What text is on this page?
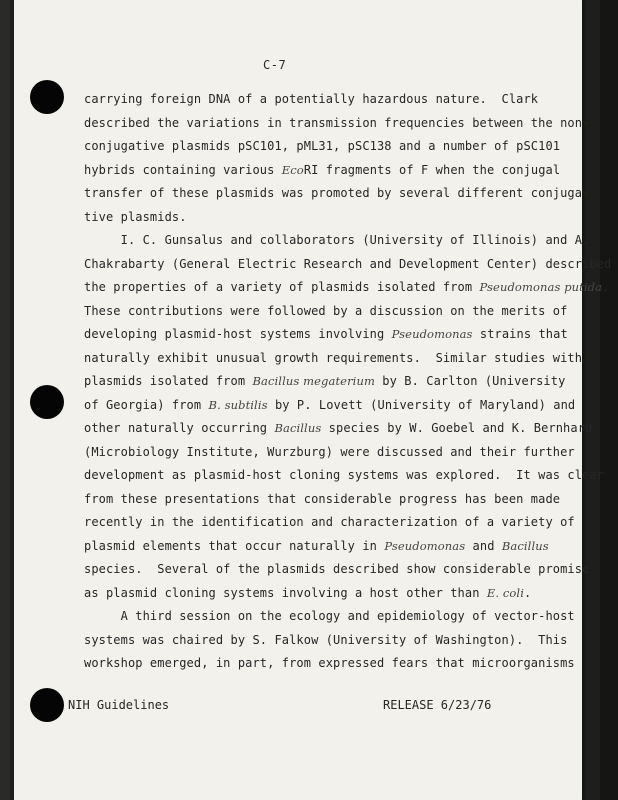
C-7
carrying foreign DNA of a potentially hazardous nature.  Clark
described the variations in transmission frequencies between the non-
conjugative plasmids pSC101, pML31, pSC138 and a number of pSC101
hybrids containing various EcoRI fragments of F when the conjugal
transfer of these plasmids was promoted by several different conjuga-
tive plasmids.
I. C. Gunsalus and collaborators (University of Illinois) and A.
Chakrabarty (General Electric Research and Development Center) described
the properties of a variety of plasmids isolated from Pseudomonas putida.
These contributions were followed by a discussion on the merits of
developing plasmid-host systems involving Pseudomonas strains that
naturally exhibit unusual growth requirements.  Similar studies with
plasmids isolated from Bacillus megaterium by B. Carlton (University
of Georgia) from B. subtilis by P. Lovett (University of Maryland) and
other naturally occurring Bacillus species by W. Goebel and K. Bernhard
(Microbiology Institute, Wurzburg) were discussed and their further
development as plasmid-host cloning systems was explored.  It was clear
from these presentations that considerable progress has been made
recently in the identification and characterization of a variety of
plasmid elements that occur naturally in Pseudomonas and Bacillus
species.  Several of the plasmids described show considerable promise
as plasmid cloning systems involving a host other than E. coli.
A third session on the ecology and epidemiology of vector-host
systems was chaired by S. Falkow (University of Washington).  This
workshop emerged, in part, from expressed fears that microorganisms
NIH Guidelines	RELEASE 6/23/76
